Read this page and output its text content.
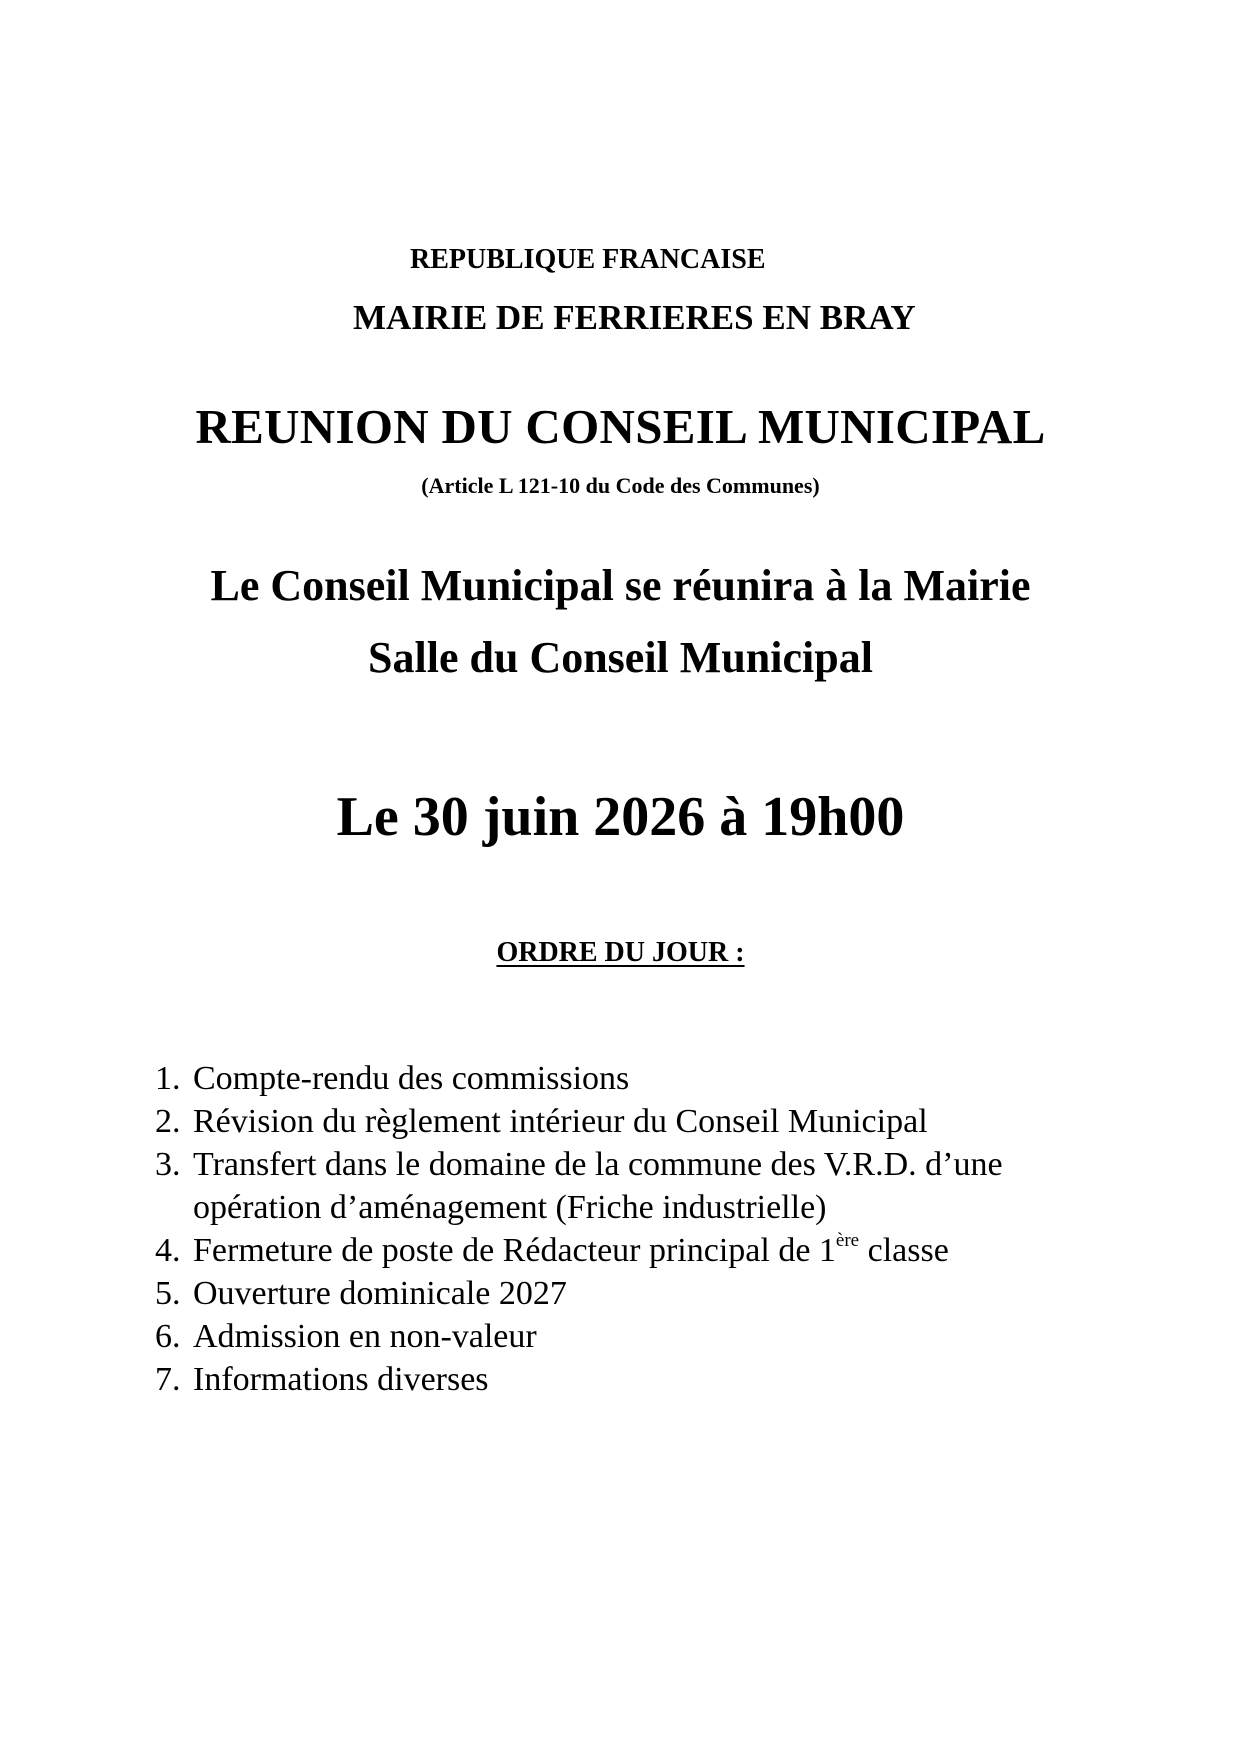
REPUBLIQUE FRANCAISE
MAIRIE DE FERRIERES EN BRAY
REUNION DU CONSEIL MUNICIPAL
(Article L 121-10 du Code des Communes)
Le Conseil Municipal se réunira à la Mairie
Salle du Conseil Municipal
Le 30 juin 2026 à 19h00
ORDRE DU JOUR :
1. Compte-rendu des commissions
2. Révision du règlement intérieur du Conseil Municipal
3. Transfert dans le domaine de la commune des V.R.D. d’une
opération d’aménagement (Friche industrielle)
4. Fermeture de poste de Rédacteur principal de 1ère classe
5. Ouverture dominicale 2027
6. Admission en non-valeur
7. Informations diverses
